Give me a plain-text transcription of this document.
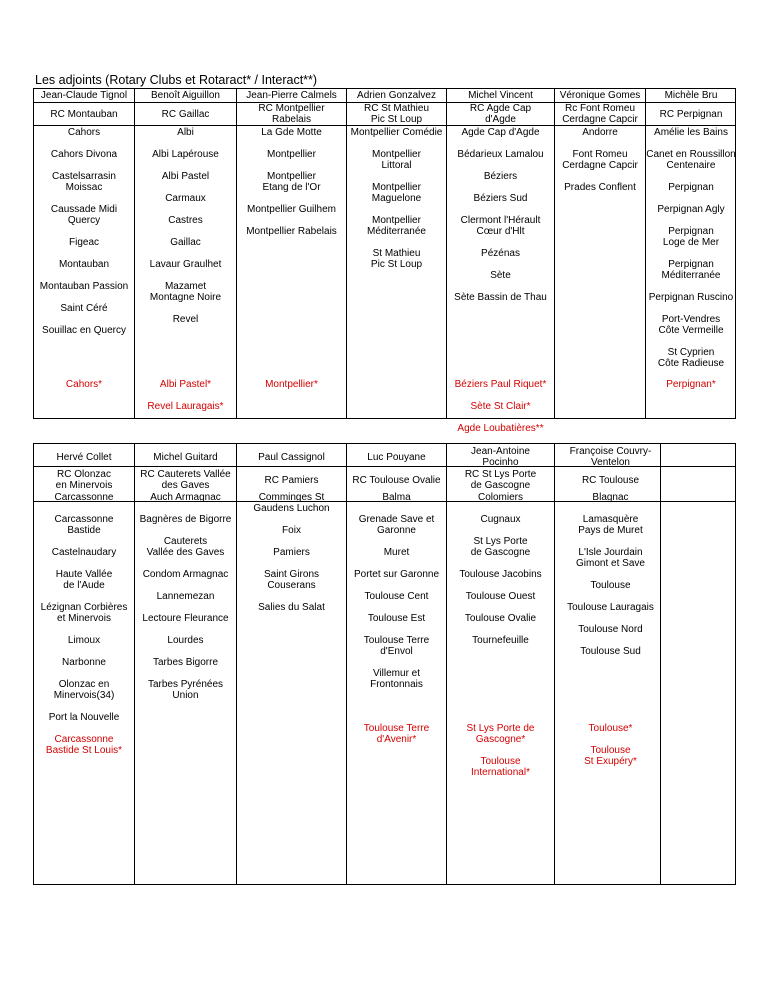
Les adjoints (Rotary Clubs et Rotaract* / Interact**)
Jean-Claude Tignol
RC Montauban
Cahors

Cahors Divona

Castelsarrasin
Moissac

Caussade Midi
Quercy

Figeac

Montauban

Montauban Passion

Saint Céré

Souillac en Quercy
Cahors*
Benoît Aiguillon
RC Gaillac
Albi

Albi Lapérouse

Albi Pastel

Carmaux

Castres

Gaillac

Lavaur Graulhet

Mazamet
Montagne Noire

Revel
Albi Pastel*

Revel Lauragais*
Jean-Pierre Calmels
RC Montpellier
Rabelais
La Gde Motte

Montpellier

Montpellier
Etang de l'Or

Montpellier Guilhem

Montpellier Rabelais
Montpellier*
Adrien Gonzalvez
RC St Mathieu
Pic St Loup
Montpellier Comédie

Montpellier
Littoral

Montpellier
Maguelone

Montpellier
Méditerranée

St Mathieu
Pic St Loup
Michel Vincent
RC Agde Cap
d'Agde
Agde Cap d'Agde

Bédarieux Lamalou

Béziers

Béziers Sud

Clermont l'Hérault
Cœur d'Hlt

Pézénas

Sète

Sète Bassin de Thau
Béziers Paul Riquet*

Sète St Clair*

Agde Loubatières**
Véronique Gomes
Rc Font Romeu
Cerdagne Capcir
Andorre

Font Romeu
Cerdagne Capcir

Prades Conflent
Michèle Bru
RC Perpignan
Amélie les Bains

Canet en Roussillon
Centenaire

Perpignan

Perpignan Agly

Perpignan
Loge de Mer

Perpignan
Méditerranée

Perpignan Ruscino

Port-Vendres
Côte Vermeille

St Cyprien
Côte Radieuse
Perpignan*
Hervé Collet
RC Olonzac
en Minervois
Carcassonne

Carcassonne
Bastide

Castelnaudary

Haute Vallée
de l'Aude

Lézignan Corbières
et Minervois

Limoux

Narbonne

Olonzac en
Minervois(34)

Port la Nouvelle
Carcassonne
Bastide St Louis*
Michel Guitard
RC Cauterets Vallée
des Gaves
Auch Armagnac

Bagnères de Bigorre

Cauterets
Vallée des Gaves

Condom Armagnac

Lannemezan

Lectoure Fleurance

Lourdes

Tarbes Bigorre

Tarbes Pyrénées
Union
Paul Cassignol
RC Pamiers
Comminges St
Gaudens Luchon

Foix

Pamiers

Saint Girons
Couserans

Salies du Salat
Luc Pouyane
RC Toulouse Ovalie
Balma

Grenade Save et
Garonne

Muret

Portet sur Garonne

Toulouse Cent

Toulouse Est

Toulouse Terre
d'Envol

Villemur et
Frontonnais
Toulouse Terre
d'Avenir*
Jean-Antoine
Pocinho
RC St Lys Porte
de Gascogne
Colomiers

Cugnaux

St Lys Porte
de Gascogne

Toulouse Jacobins

Toulouse Ouest

Toulouse Ovalie

Tournefeuille
St Lys Porte de
Gascogne*

Toulouse
International*
Françoise Couvry-
Ventelon
RC Toulouse
Blagnac

Lamasquère
Pays de Muret

L'Isle Jourdain
Gimont et Save

Toulouse

Toulouse Lauragais

Toulouse Nord

Toulouse Sud
Toulouse*

Toulouse
St Exupéry*
